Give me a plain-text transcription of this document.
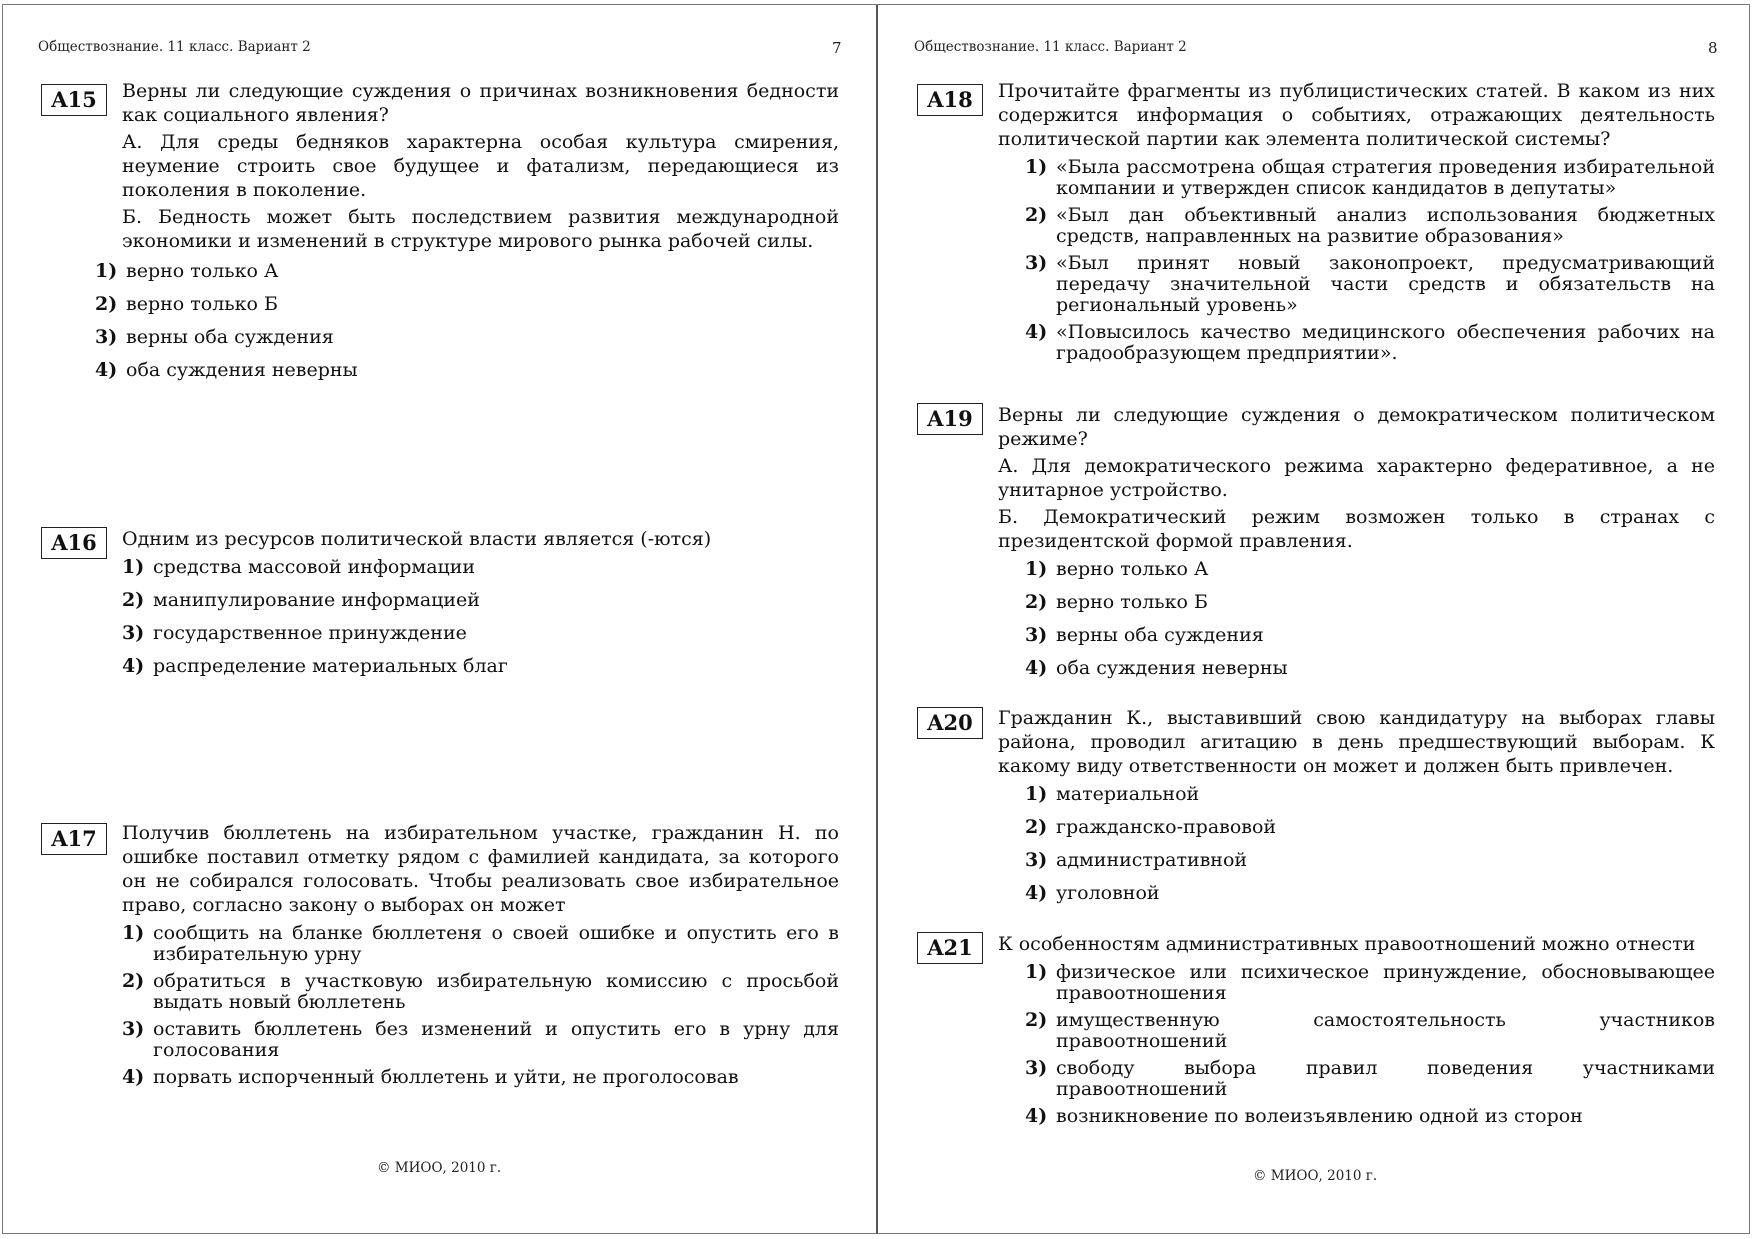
Обществознание. 11 класс. Вариант 2	7
A15	Верны ли следующие суждения о причинах возникновения бедности как социального явления?

А. Для среды бедняков характерна особая культура смирения, неумение строить свое будущее и фатализм, передающиеся из поколения в поколение.

Б. Бедность может быть последствием развития международной экономики и изменений в структуре мирового рынка рабочей силы.

1) верно только А
2) верно только Б
3) верны оба суждения
4) оба суждения неверны
A16	Одним из ресурсов политической власти является (-ются)

1) средства массовой информации
2) манипулирование информацией
3) государственное принуждение
4) распределение материальных благ
A17	Получив бюллетень на избирательном участке, гражданин Н. по ошибке поставил отметку рядом с фамилией кандидата, за которого он не собирался голосовать. Чтобы реализовать свое избирательное право, согласно закону о выборах он может

1) сообщить на бланке бюллетеня о своей ошибке и опустить его в избирательную урну
2) обратиться в участковую избирательную комиссию с просьбой выдать новый бюллетень
3) оставить бюллетень без изменений и опустить его в урну для голосования
4) порвать испорченный бюллетень и уйти, не проголосовав
© МИОО, 2010 г.
Обществознание. 11 класс. Вариант 2	8
A18	Прочитайте фрагменты из публицистических статей. В каком из них содержится информация о событиях, отражающих деятельность политической партии как элемента политической системы?

1) «Была рассмотрена общая стратегия проведения избирательной компании и утвержден список кандидатов в депутаты»
2) «Был дан объективный анализ использования бюджетных средств, направленных на развитие образования»
3) «Был принят новый законопроект, предусматривающий передачу значительной части средств и обязательств на региональный уровень»
4) «Повысилось качество медицинского обеспечения рабочих на градообразующем предприятии».
A19	Верны ли следующие суждения о демократическом политическом режиме?

А. Для демократического режима характерно федеративное, а не унитарное устройство.

Б. Демократический режим возможен только в странах с президентской формой правления.

1) верно только А
2) верно только Б
3) верны оба суждения
4) оба суждения неверны
A20	Гражданин К., выставивший свою кандидатуру на выборах главы района, проводил агитацию в день предшествующий выборам. К какому виду ответственности он может и должен быть привлечен.

1) материальной
2) гражданско-правовой
3) административной
4) уголовной
A21	К особенностям административных правоотношений можно отнести

1) физическое или психическое принуждение, обосновывающее правоотношения
2) имущественную самостоятельность участников правоотношений
3) свободу выбора правил поведения участниками правоотношений
4) возникновение по волеизъявлению одной из сторон
© МИОО, 2010 г.
